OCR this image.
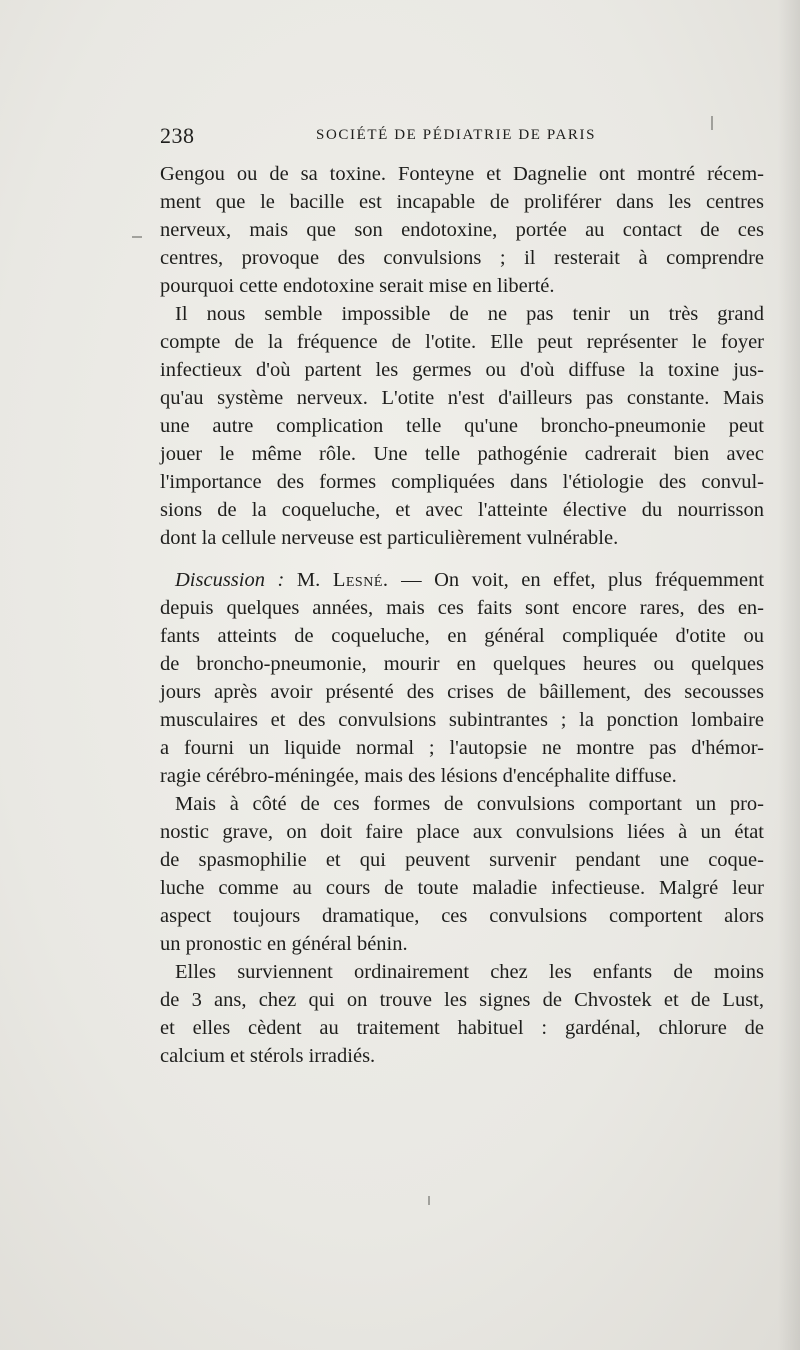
238	SOCIÉTÉ DE PÉDIATRIE DE PARIS
Gengou ou de sa toxine. Fonteyne et Dagnelie ont montré récem-
ment que le bacille est incapable de proliférer dans les centres
nerveux, mais que son endotoxine, portée au contact de ces
centres, provoque des convulsions ; il resterait à comprendre
pourquoi cette endotoxine serait mise en liberté.
Il nous semble impossible de ne pas tenir un très grand
compte de la fréquence de l'otite. Elle peut représenter le foyer
infectieux d'où partent les germes ou d'où diffuse la toxine jus-
qu'au système nerveux. L'otite n'est d'ailleurs pas constante. Mais
une autre complication telle qu'une broncho-pneumonie peut
jouer le même rôle. Une telle pathogénie cadrerait bien avec
l'importance des formes compliquées dans l'étiologie des convul-
sions de la coqueluche, et avec l'atteinte élective du nourrisson
dont la cellule nerveuse est particulièrement vulnérable.
Discussion : M. Lesné. — On voit, en effet, plus fréquemment
depuis quelques années, mais ces faits sont encore rares, des en-
fants atteints de coqueluche, en général compliquée d'otite ou
de broncho-pneumonie, mourir en quelques heures ou quelques
jours après avoir présenté des crises de bâillement, des secousses
musculaires et des convulsions subintrantes ; la ponction lombaire
a fourni un liquide normal ; l'autopsie ne montre pas d'hémor-
ragie cérébro-méningée, mais des lésions d'encéphalite diffuse.
Mais à côté de ces formes de convulsions comportant un pro-
nostic grave, on doit faire place aux convulsions liées à un état
de spasmophilie et qui peuvent survenir pendant une coque-
luche comme au cours de toute maladie infectieuse. Malgré leur
aspect toujours dramatique, ces convulsions comportent alors
un pronostic en général bénin.
Elles surviennent ordinairement chez les enfants de moins
de 3 ans, chez qui on trouve les signes de Chvostek et de Lust,
et elles cèdent au traitement habituel : gardénal, chlorure de
calcium et stérols irradiés.
